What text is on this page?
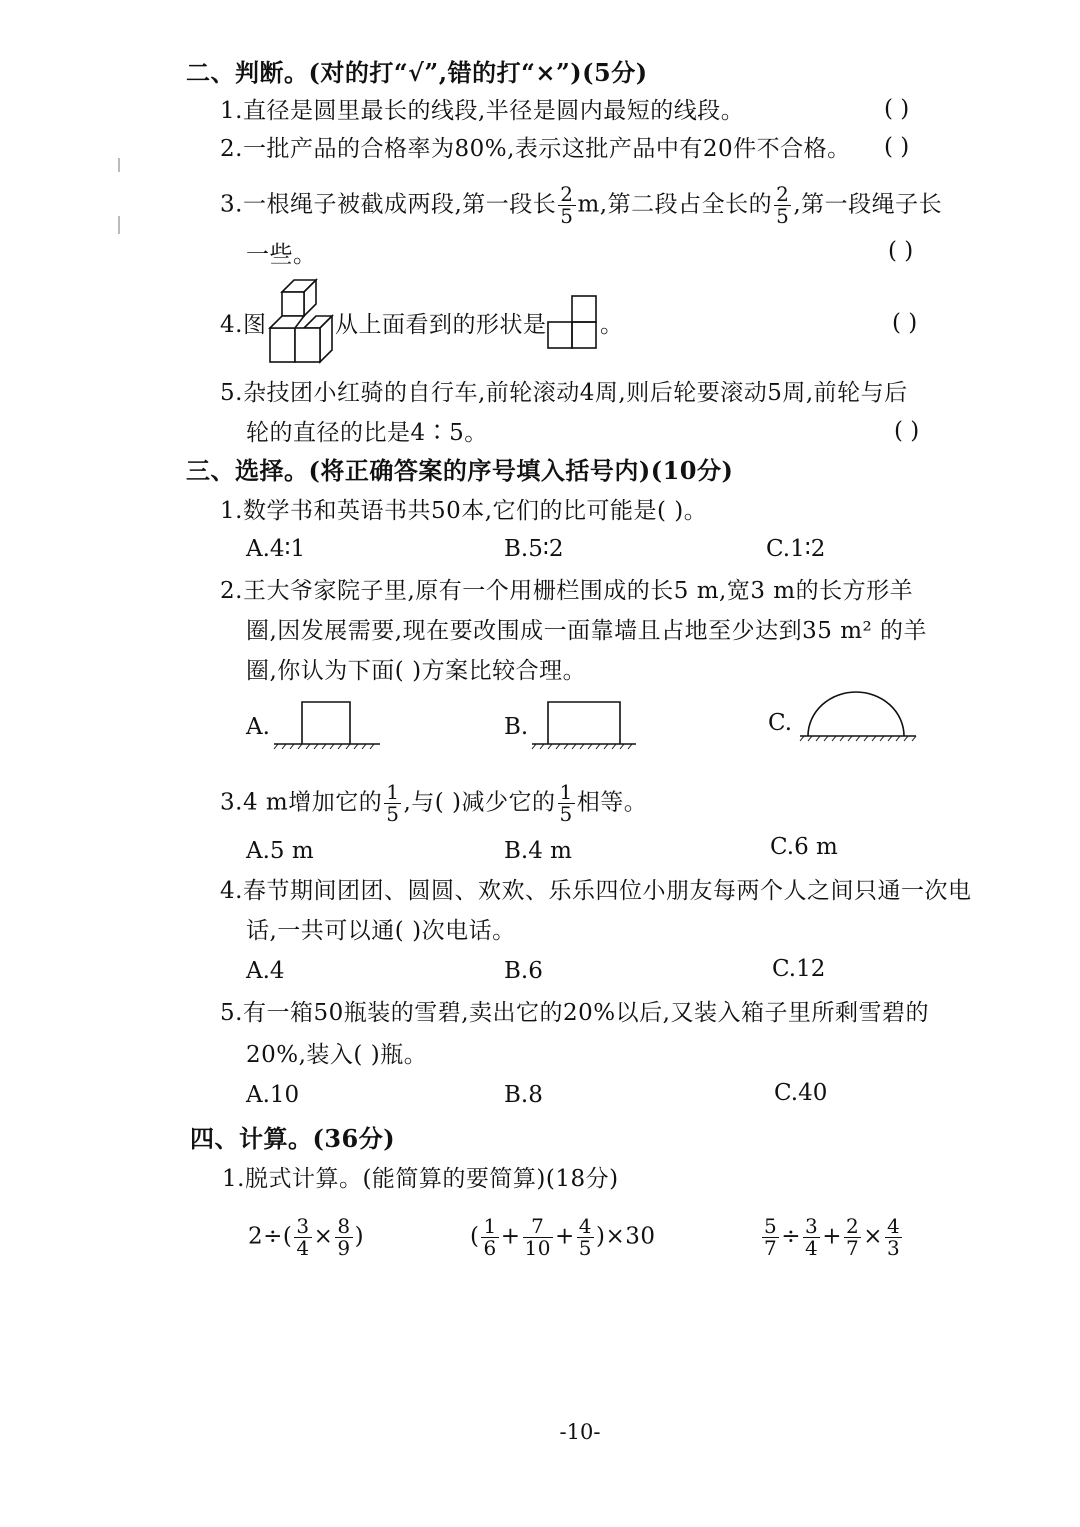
二、判断。(对的打“√”,错的打“×”)(5分)
1.直径是圆里最长的线段,半径是圆内最短的线段。	( )
2.一批产品的合格率为80%,表示这批产品中有20件不合格。 ( )
3.一根绳子被截成两段,第一段长 $\frac{2}{5} m$,第二段占全长的 $\frac{2}{5}$ ,第一段绳子长
一些。	( )
4.图	从上面看到的形状是 。	( )
5.杂技团小红骑的自行车,前轮滚动4周,则后轮要滚动5周,前轮与后
轮的直径的比是4∶5。	( )
三、选择。(将正确答案的序号填入括号内)(10分)
1.数学书和英语书共50本,它们的比可能是( )。
A.4∶1	B.5∶2	C.1∶2
2.王大爷家院子里,原有一个用栅栏围成的长5 m,宽3 m的长方形羊
圈,因发展需要,现在要改围成一面靠墙且占地至少达到35 m² 的羊
圈,你认为下面( )方案比较合理。
A.	B.	C.
3.4 m增加它的 $\frac{1}{5}$ ,与( )减少它的 $\frac{1}{5}$ 相等。
A.5 m	B.4 m	C.6 m
4.春节期间团团、圆圆、欢欢、乐乐四位小朋友每两个人之间只通一次电
话,一共可以通( )次电话。
A.4	B.6	C.12
5.有一箱50瓶装的雪碧,卖出它的20%以后,又装入箱子里所剩雪碧的
20%,装入( )瓶。
A.10	B.8	C.40
四、计算。(36分)
1.脱式计算。(能简算的要简算)(18分)
$2\div( \frac{3}{4} \times \frac{8}{9}$ )	( $\frac{1}{6} + \frac{7}{10} + \frac{4}{5} )\times 30$	$\frac{5}{7} \div \frac{3}{4} + \frac{2}{7} \times \frac{4}{3}$
-10-
